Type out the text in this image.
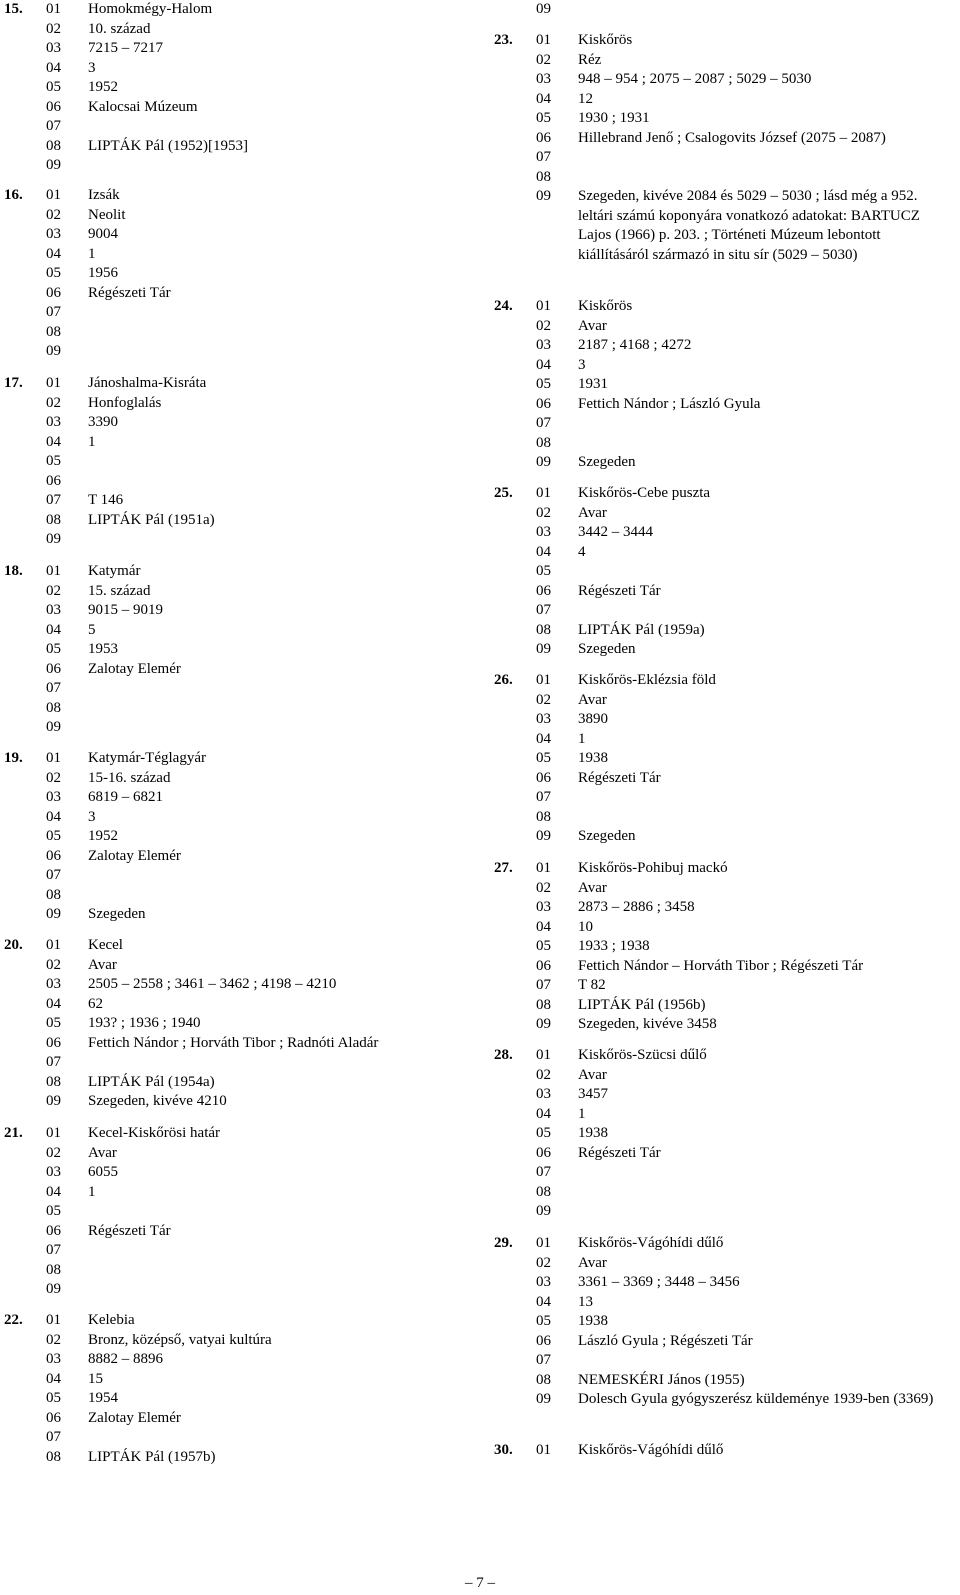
15. 01 Homokmégy-Halom
02 10. század
03 7215 – 7217
04 3
05 1952
06 Kalocsai Múzeum
07
08 LIPTÁK Pál (1952)[1953]
09
16. 01 Izsák
02 Neolit
03 9004
04 1
05 1956
06 Régészeti Tár
07
08
09
17. 01 Jánoshalma-Kisráta
02 Honfoglalás
03 3390
04 1
05
06
07 T 146
08 LIPTÁK Pál (1951a)
09
18. 01 Katymár
02 15. század
03 9015 – 9019
04 5
05 1953
06 Zalotay Elemér
07
08
09
19. 01 Katymár-Téglagyár
02 15-16. század
03 6819 – 6821
04 3
05 1952
06 Zalotay Elemér
07
08
09 Szegeden
20. 01 Kecel
02 Avar
03 2505 – 2558 ; 3461 – 3462 ; 4198 – 4210
04 62
05 193? ; 1936 ; 1940
06 Fettich Nándor ; Horváth Tibor ; Radnóti Aladár
07
08 LIPTÁK Pál (1954a)
09 Szegeden, kivéve 4210
21. 01 Kecel-Kiskőrösi határ
02 Avar
03 6055
04 1
05
06 Régészeti Tár
07
08
09
22. 01 Kelebia
02 Bronz, középső, vatyai kultúra
03 8882 – 8896
04 15
05 1954
06 Zalotay Elemér
07
08 LIPTÁK Pál (1957b)
09
23. 01 Kiskőrös
02 Réz
03 948 – 954 ; 2075 – 2087 ; 5029 – 5030
04 12
05 1930 ; 1931
06 Hillebrand Jenő ; Csalogovits József (2075 – 2087)
07
08
09 Szegeden, kivéve 2084 és 5029 – 5030 ; lásd még a 952. leltári számú koponyára vonatkozó adatokat: BARTUCZ Lajos (1966) p. 203. ; Történeti Múzeum lebontott kiállításáról származó in situ sír (5029 – 5030)
24. 01 Kiskőrös
02 Avar
03 2187 ; 4168 ; 4272
04 3
05 1931
06 Fettich Nándor ; László Gyula
07
08
09 Szegeden
25. 01 Kiskőrös-Cebe puszta
02 Avar
03 3442 – 3444
04 4
05
06 Régészeti Tár
07
08 LIPTÁK Pál (1959a)
09 Szegeden
26. 01 Kiskőrös-Eklézsia föld
02 Avar
03 3890
04 1
05 1938
06 Régészeti Tár
07
08
09 Szegeden
27. 01 Kiskőrös-Pohibuj mackó
02 Avar
03 2873 – 2886 ; 3458
04 10
05 1933 ; 1938
06 Fettich Nándor – Horváth Tibor ; Régészeti Tár
07 T 82
08 LIPTÁK Pál (1956b)
09 Szegeden, kivéve 3458
28. 01 Kiskőrös-Szücsi dűlő
02 Avar
03 3457
04 1
05 1938
06 Régészeti Tár
07
08
09
29. 01 Kiskőrös-Vágóhídi dűlő
02 Avar
03 3361 – 3369 ; 3448 – 3456
04 13
05 1938
06 László Gyula ; Régészeti Tár
07
08 NEMESKÉRI János (1955)
09 Dolesch Gyula gyógyszerész küldeménye 1939-ben (3369)
30. 01 Kiskőrös-Vágóhídi dűlő
– 7 –
